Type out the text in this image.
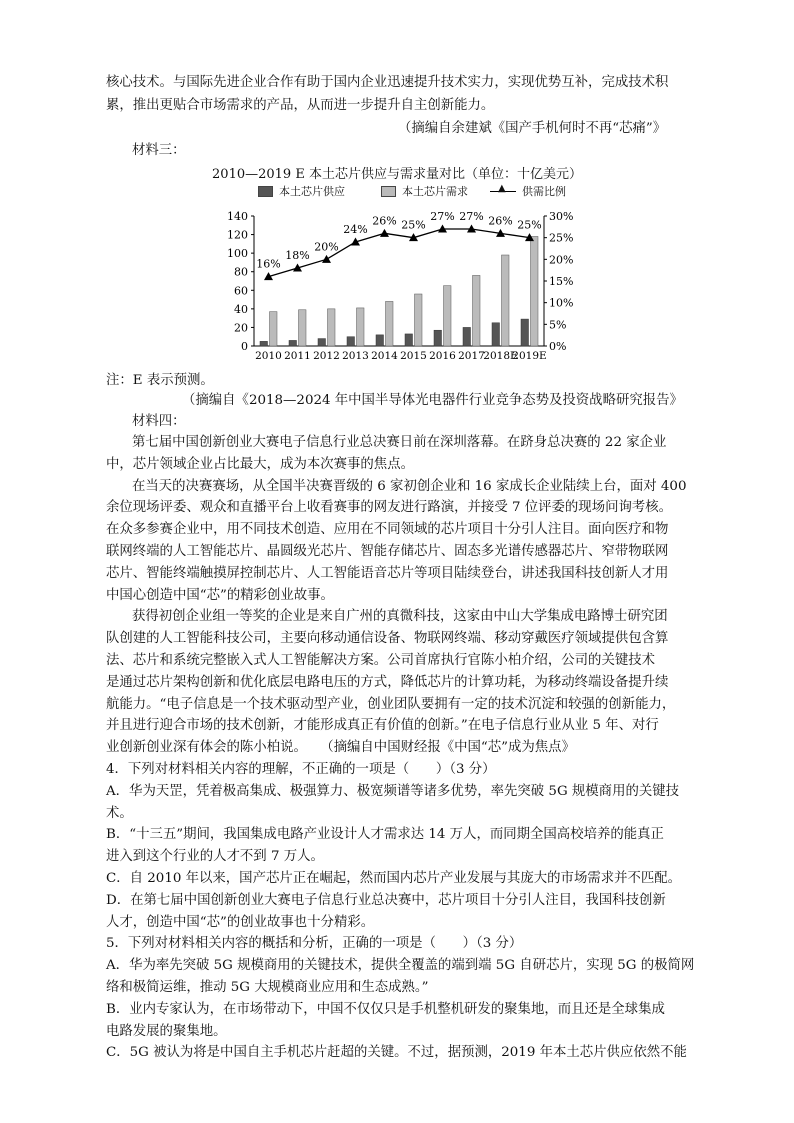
核心技术。与国际先进企业合作有助于国内企业迅速提升技术实力，实现优势互补，完成技术积
累，推出更贴合市场需求的产品，从而进一步提升自主创新能力。
（摘编自余建斌《国产手机何时不再“芯痛”》
材料三：
2010—2019 E 本土芯片供应与需求量对比（单位：十亿美元）
本土芯片供应	本土芯片需求
▲	供需比例
0
20
40
60
80
100
120
140
0%
5%
10%
15%
20%
25%
30%
2010 2011 2012 2013 2014 2015 2016 2017
2018E
2019E
16%
18%
20%
24%
26% 25%
27% 27% 26% 25%
注：E 表示预测。
（摘编自《2018—2024 年中国半导体光电器件行业竞争态势及投资战略研究报告》
材料四：
第七届中国创新创业大赛电子信息行业总决赛日前在深圳落幕。在跻身总决赛的 22 家企业
中，芯片领域企业占比最大，成为本次赛事的焦点。
在当天的决赛赛场，从全国半决赛晋级的 6 家初创企业和 16 家成长企业陆续上台，面对 400
余位现场评委、观众和直播平台上收看赛事的网友进行路演，并接受 7 位评委的现场问询考核。
在众多参赛企业中，用不同技术创造、应用在不同领域的芯片项目十分引人注目。面向医疗和物
联网终端的人工智能芯片、晶圆级光芯片、智能存储芯片、固态多光谱传感器芯片、窄带物联网
芯片、智能终端触摸屏控制芯片、人工智能语音芯片等项目陆续登台，讲述我国科技创新人才用
中国心创造中国“芯”的精彩创业故事。
获得初创企业组一等奖的企业是来自广州的真微科技，这家由中山大学集成电路博士研究团
队创建的人工智能科技公司，主要向移动通信设备、物联网终端、移动穿戴医疗领域提供包含算
法、芯片和系统完整嵌入式人工智能解决方案。公司首席执行官陈小柏介绍，公司的关键技术
是通过芯片架构创新和优化底层电路电压的方式，降低芯片的计算功耗，为移动终端设备提升续
航能力。“电子信息是一个技术驱动型产业，创业团队要拥有一定的技术沉淀和较强的创新能力，
并且进行迎合市场的技术创新，才能形成真正有价值的创新。”在电子信息行业从业 5 年、对行
业创新创业深有体会的陈小柏说。　　（摘编自中国财经报《中国“芯”成为焦点》
4．下列对材料相关内容的理解，不正确的一项是（　　）（3 分）
A．华为天罡，凭着极高集成、极强算力、极宽频谱等诸多优势，率先突破 5G 规模商用的关键技
术。
B．“十三五”期间，我国集成电路产业设计人才需求达 14 万人，而同期全国高校培养的能真正
进入到这个行业的人才不到 7 万人。
C．自 2010 年以来，国产芯片正在崛起，然而国内芯片产业发展与其庞大的市场需求并不匹配。
D．在第七届中国创新创业大赛电子信息行业总决赛中，芯片项目十分引人注目，我国科技创新
人才，创造中国“芯”的创业故事也十分精彩。
5．下列对材料相关内容的概括和分析，正确的一项是（　　）（3 分）
A．华为率先突破 5G 规模商用的关键技术，提供全覆盖的端到端 5G 自研芯片，实现 5G 的极简网
络和极简运维，推动 5G 大规模商业应用和生态成熟。”
B．业内专家认为，在市场带动下，中国不仅仅只是手机整机研发的聚集地，而且还是全球集成
电路发展的聚集地。
C．5G 被认为将是中国自主手机芯片赶超的关键。不过，据预测，2019 年本土芯片供应依然不能
